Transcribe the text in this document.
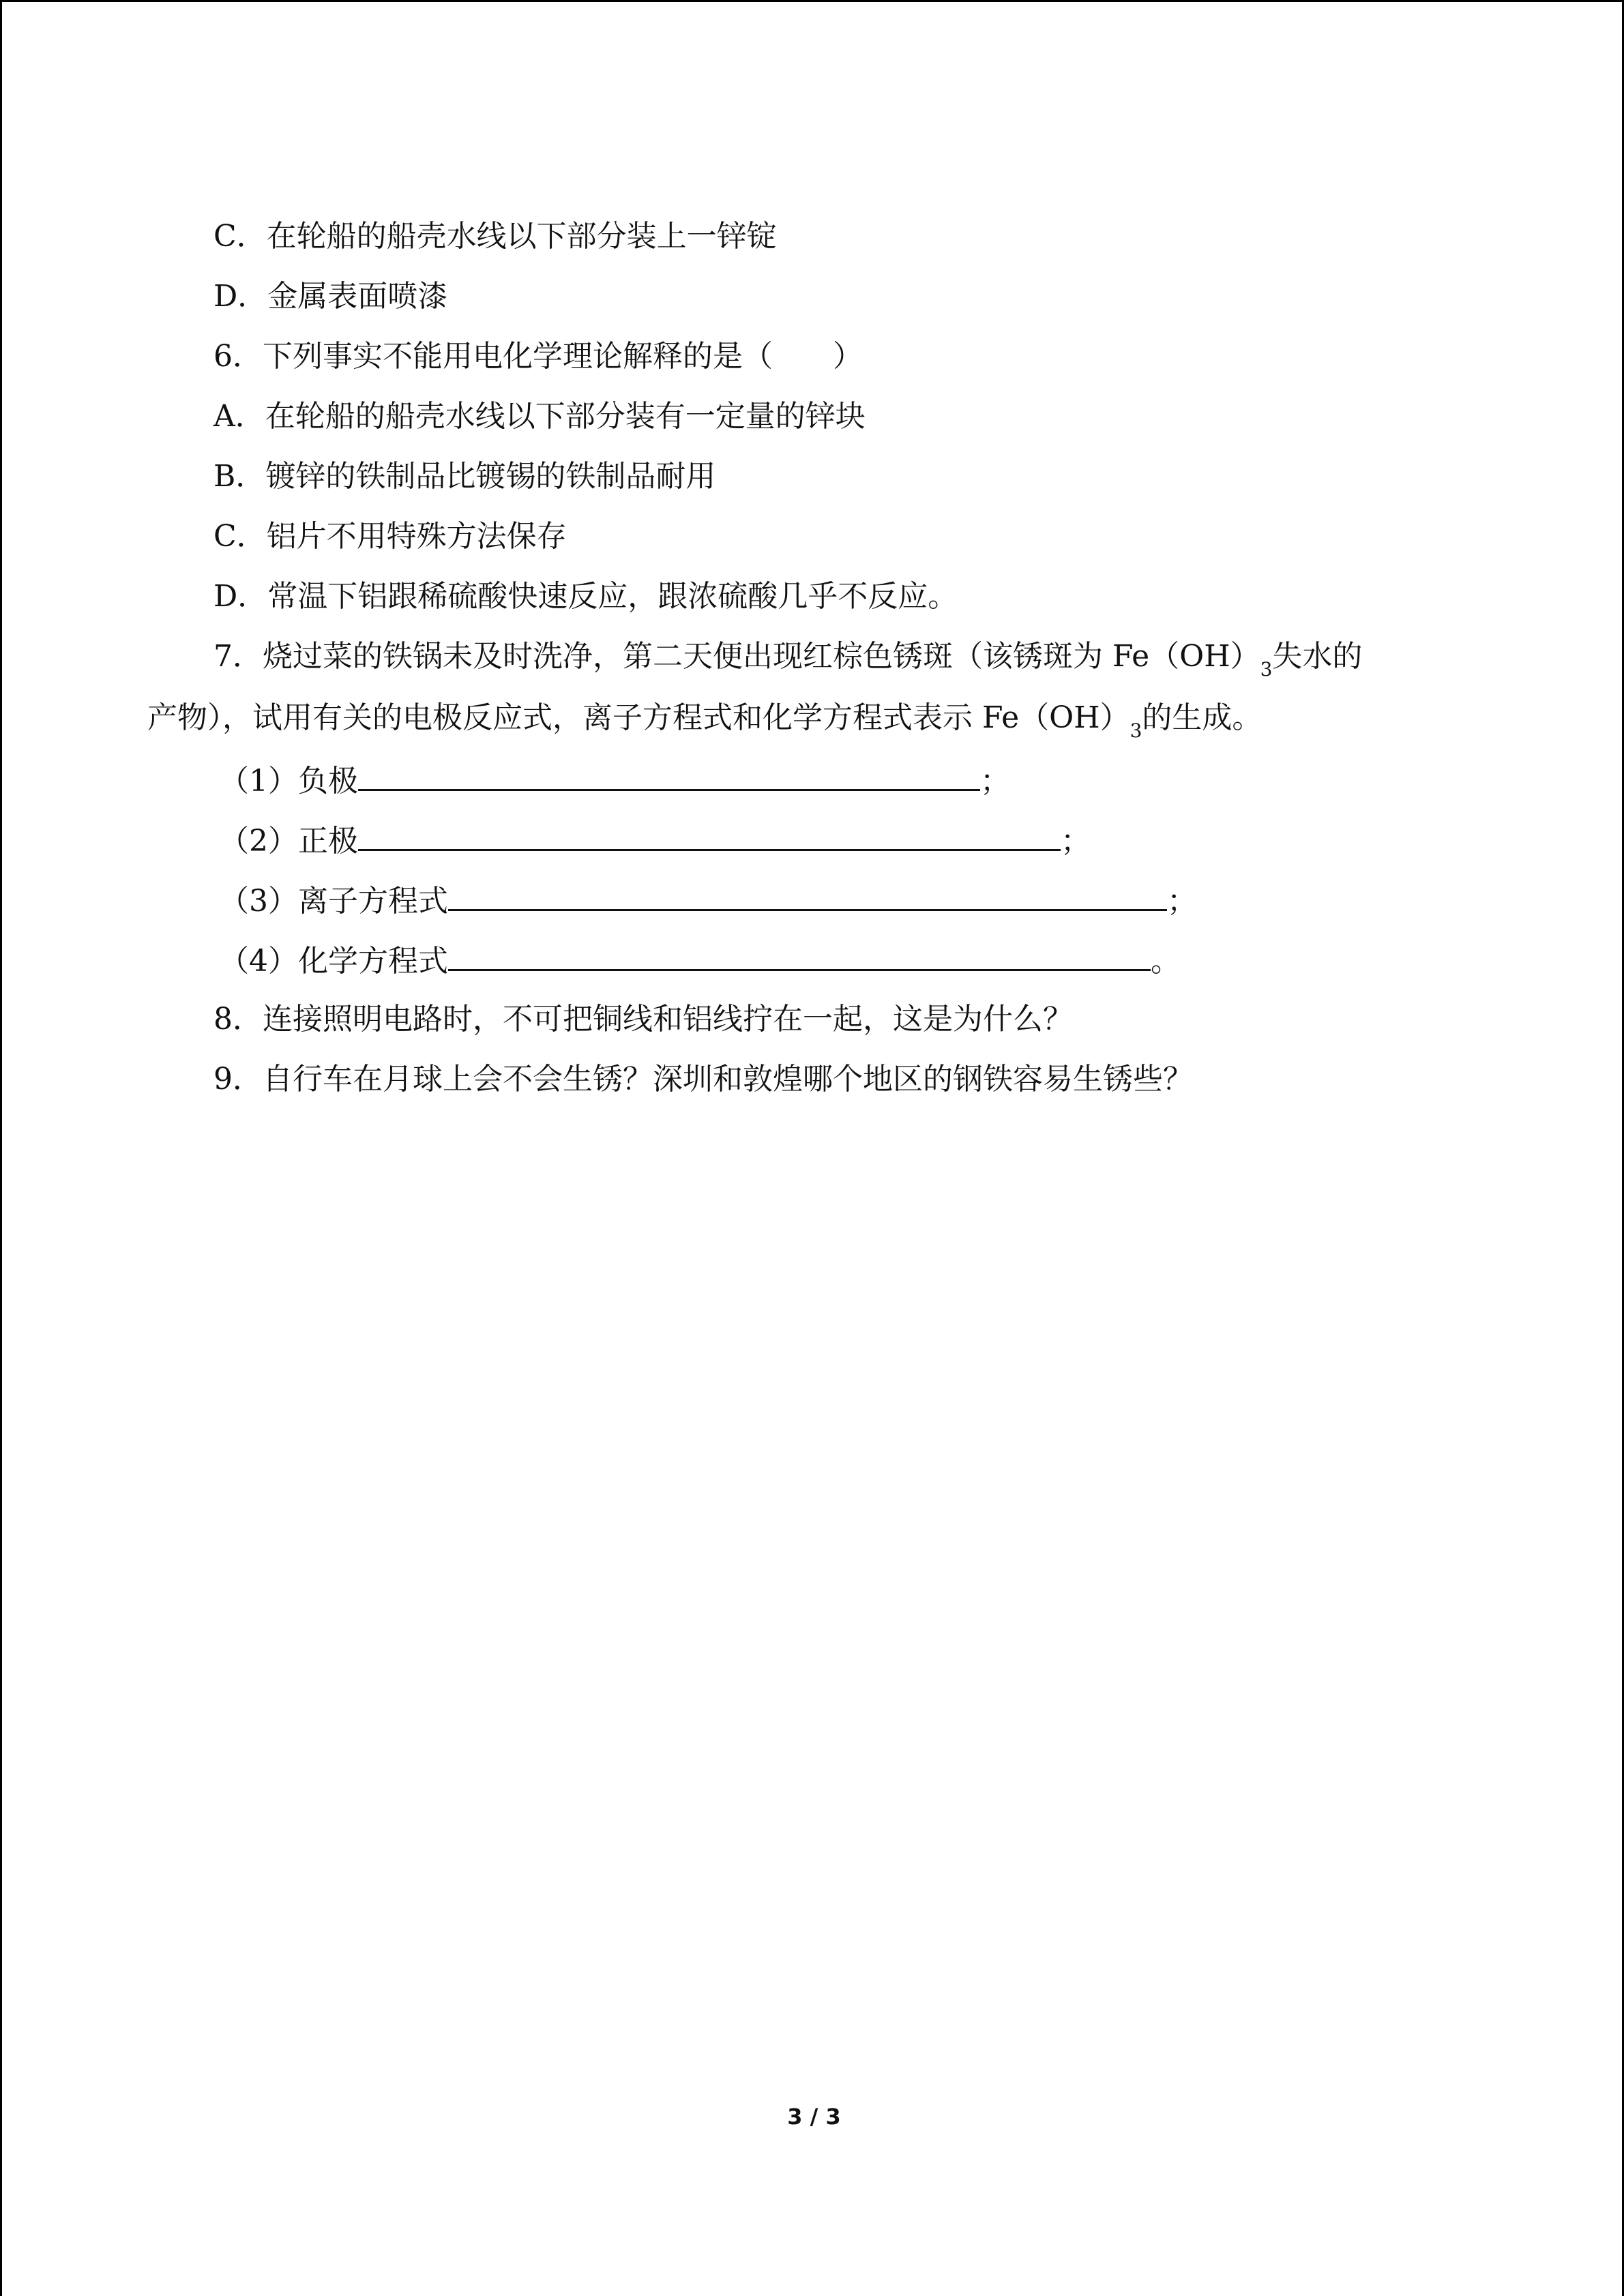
C．在轮船的船壳水线以下部分装上一锌锭
D．金属表面喷漆
6．下列事实不能用电化学理论解释的是（　　）
A．在轮船的船壳水线以下部分装有一定量的锌块
B．镀锌的铁制品比镀锡的铁制品耐用
C．铝片不用特殊方法保存
D．常温下铝跟稀硫酸快速反应，跟浓硫酸几乎不反应。
7．烧过菜的铁锅未及时洗净，第二天便出现红棕色锈斑（该锈斑为 $Fe(OH)_3$失水的
产物），试用有关的电极反应式，离子方程式和化学方程式表示 $Fe(OH)_3$的生成。
（1）负极	；
（2）正极	；
（3）离子方程式	；
（4）化学方程式	。
8．连接照明电路时，不可把铜线和铝线拧在一起，这是为什么？
9．自行车在月球上会不会生锈？深圳和敦煌哪个地区的钢铁容易生锈些？
3 / 3
